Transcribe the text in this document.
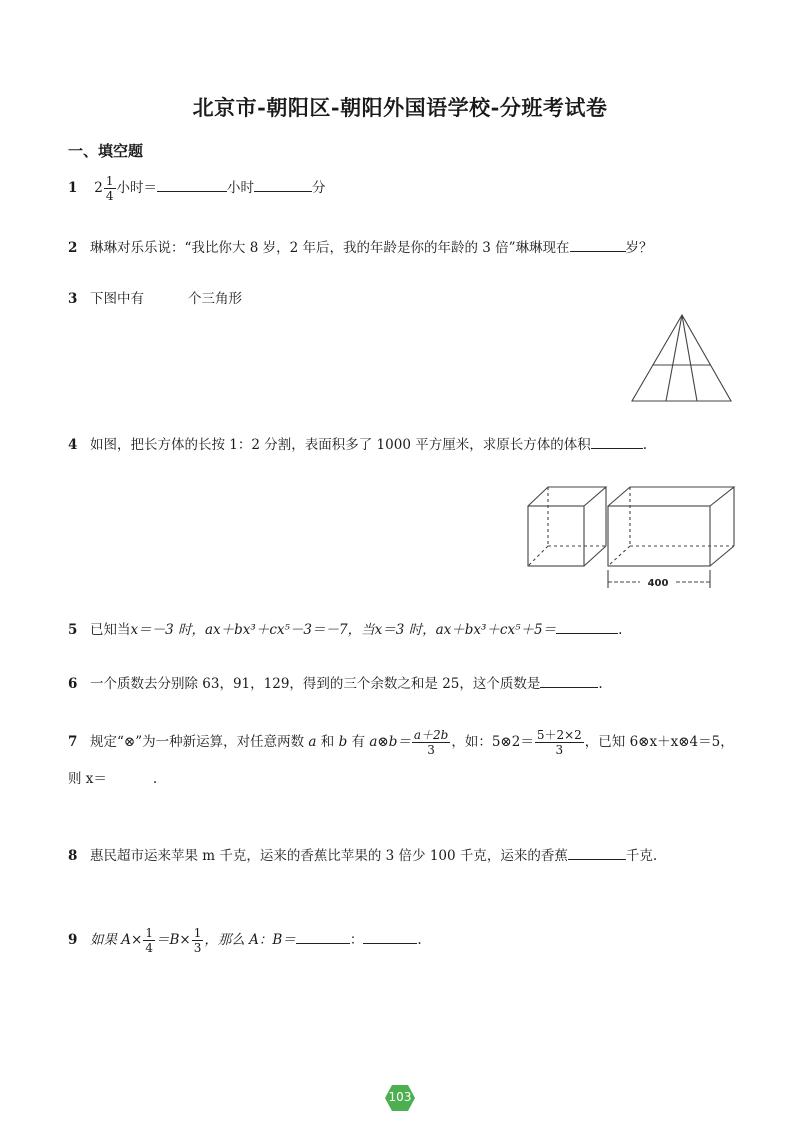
北京市-朝阳区-朝阳外国语学校-分班考试卷
一、填空题
1 $2 \frac{1}{4}$ 小时＝	小时	分
2 琳琳对乐乐说：“我比你大 8 岁，2 年后，我的年龄是你的年龄的 3 倍”琳琳现在	岁？
3 下图中有	个三角形
4 如图，把长方体的长按 1：2 分割，表面积多了 1000 平方厘米，求原长方体的体积	.
400
5 已知当x＝－3 时，ax＋bx³＋cx⁵－3＝－7，当x＝3 时，ax＋bx³＋cx⁵＋5＝	.
6 一个质数去分别除 63，91，129，得到的三个余数之和是 25，这个质数是	.
7 规定“⊗”为一种新运算，对任意两数 a 和 b 有 a⊗b＝ $\frac{a+2b}{3}$ ，如：5⊗2＝ $\frac{5+2\times 2}{3}$ ，已知 6⊗x＋x⊗4＝5，
则 x＝	.
8 惠民超市运来苹果 m 千克，运来的香蕉比苹果的 3 倍少 100 千克，运来的香蕉	千克.
9 如果 $A\times \frac{1}{4} =B\times \frac{1}{3}$ ，那么 A：B＝	：	.
103
